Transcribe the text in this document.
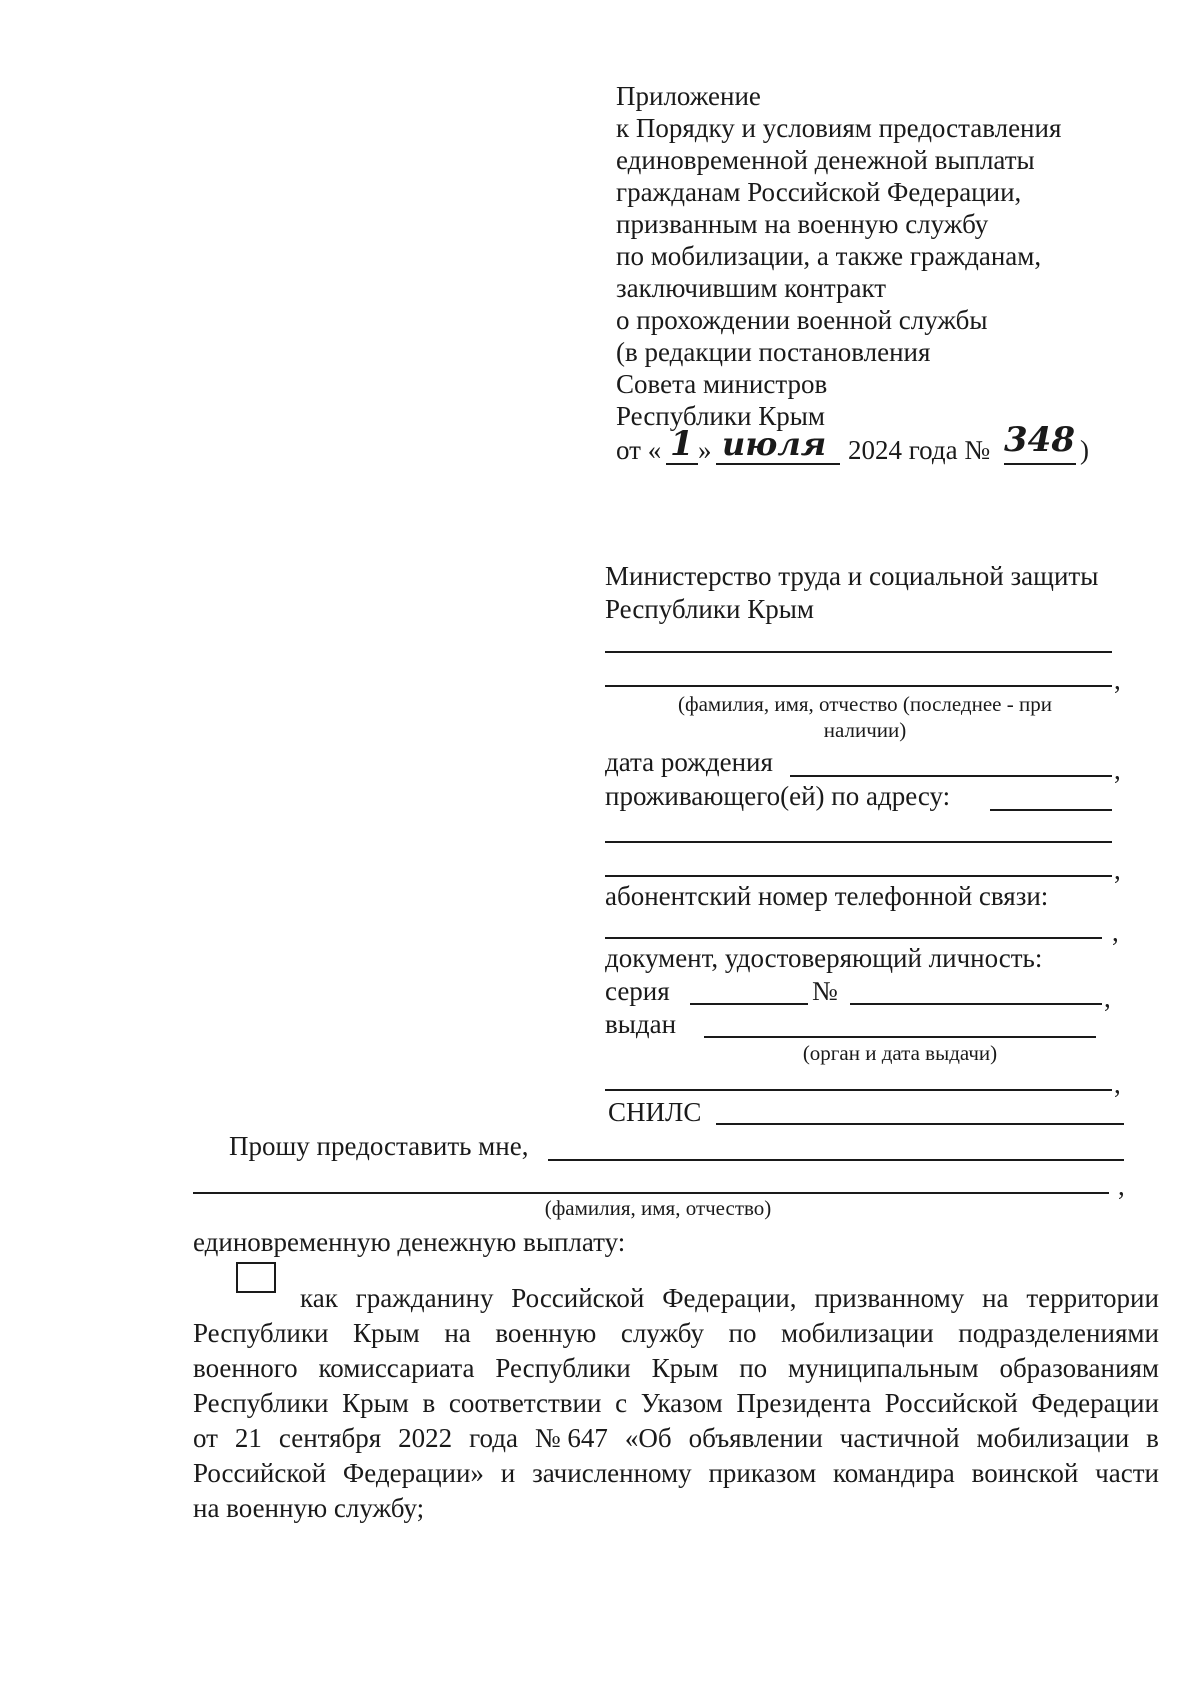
Приложение
к Порядку и условиям предоставления
единовременной денежной выплаты
гражданам Российской Федерации,
призванным на военную службу
по мобилизации, а также гражданам,
заключившим контракт
о прохождении военной службы
(в редакции постановления
Совета министров
Республики Крым
от « 1 » июля 2024 года № 348 )
Министерство труда и социальной защиты
Республики Крым
,
(фамилия, имя, отчество (последнее - при
наличии)
дата рождения	,
проживающего(ей) по адресу:
,
абонентский номер телефонной связи:
,
документ, удостоверяющий личность:
серия	№	,
выдан
(орган и дата выдачи)
,
СНИЛС
Прошу предоставить мне,
,
(фамилия, имя, отчество)
единовременную денежную выплату:
как гражданину Российской Федерации, призванному на территории
Республики Крым на военную службу по мобилизации подразделениями
военного комиссариата Республики Крым по муниципальным образованиям
Республики Крым в соответствии с Указом Президента Российской Федерации
от 21 сентября 2022 года № 647 «Об объявлении частичной мобилизации в
Российской Федерации» и зачисленному приказом командира воинской части
на военную службу;
